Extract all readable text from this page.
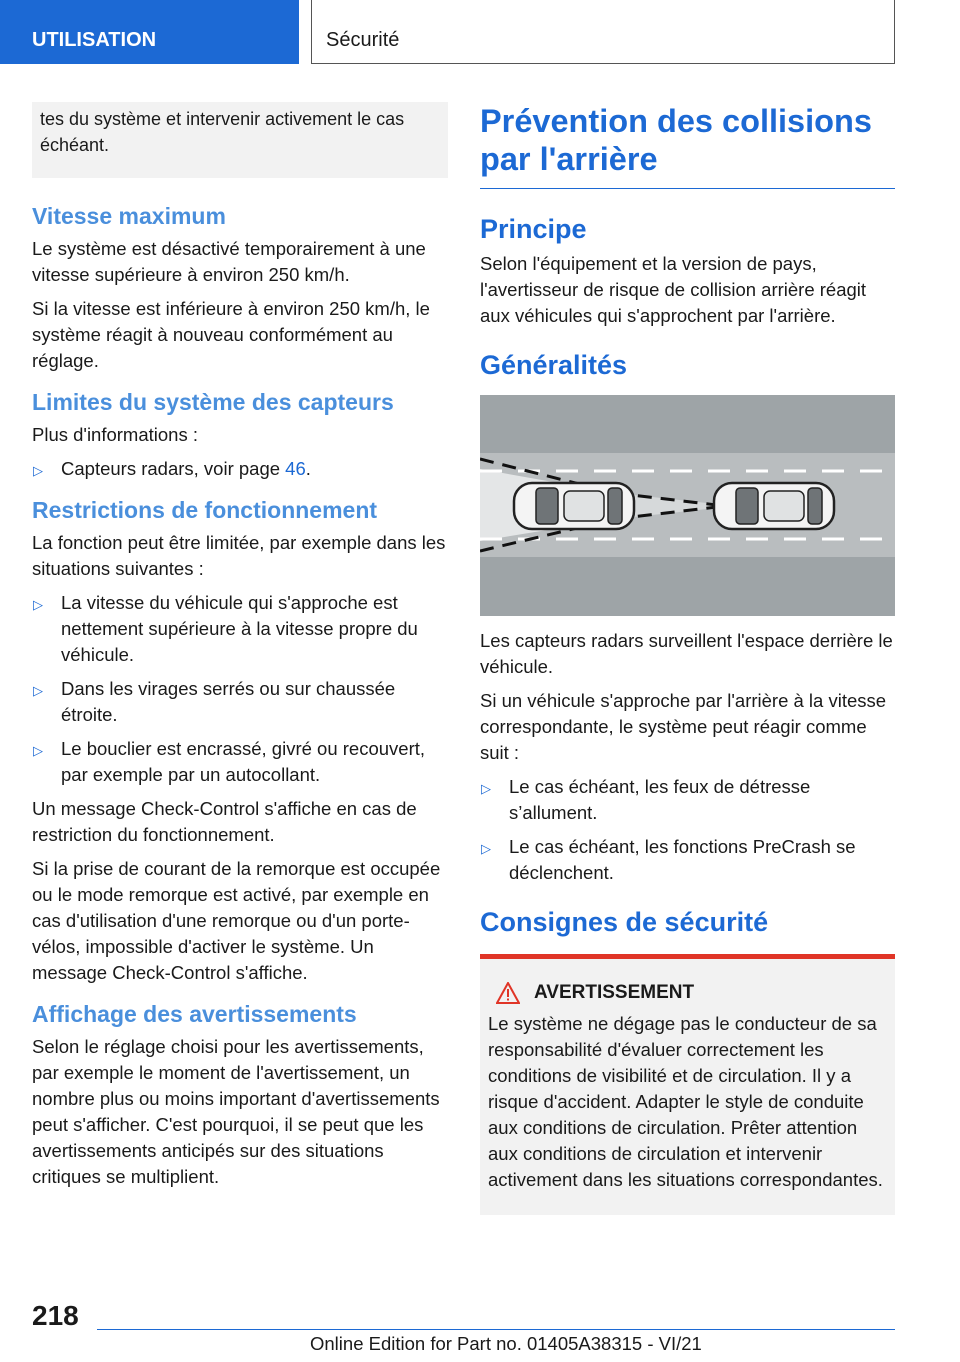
UTILISATION	Sécurité
tes du système et intervenir activement le cas échéant.
Vitesse maximum

Le système est désactivé temporairement à une vitesse supérieure à environ 250 km/h.

Si la vitesse est inférieure à environ 250 km/h, le système réagit à nouveau conformément au réglage.

Limites du système des capteurs

Plus d'informations :

▷ Capteurs radars, voir page 46.
Restrictions de fonctionnement

La fonction peut être limitée, par exemple dans les situations suivantes :

▷ La vitesse du véhicule qui s'approche est nettement supérieure à la vitesse propre du véhicule.
▷ Dans les virages serrés ou sur chaussée étroite.
▷ Le bouclier est encrassé, givré ou recouvert, par exemple par un autocollant.

Un message Check-Control s'affiche en cas de restriction du fonctionnement.

Si la prise de courant de la remorque est occupée ou le mode remorque est activé, par exemple en cas d'utilisation d'une remorque ou d'un porte-vélos, impossible d'activer le système. Un message Check-Control s'affiche.

Affichage des avertissements

Selon le réglage choisi pour les avertissements, par exemple le moment de l'avertissement, un nombre plus ou moins important d'avertissements peut s'afficher. C'est pourquoi, il se peut que les avertissements anticipés sur des situations critiques se multiplient.

Prévention des collisions par l'arrière
Principe

Selon l'équipement et la version de pays, l'avertisseur de risque de collision arrière réagit aux véhicules qui s'approchent par l'arrière.

Généralités

Les capteurs radars surveillent l'espace derrière le véhicule.

Si un véhicule s'approche par l'arrière à la vitesse correspondante, le système peut réagir comme suit :

▷ Le cas échéant, les feux de détresse s’allument.
▷ Le cas échéant, les fonctions PreCrash se déclenchent.
Consignes de sécurité
AVERTISSEMENT
Le système ne dégage pas le conducteur de sa responsabilité d'évaluer correctement les conditions de visibilité et de circulation. Il y a risque d'accident. Adapter le style de conduite aux conditions de circulation. Prêter attention aux conditions de circulation et intervenir activement dans les situations correspondantes.
218
Online Edition for Part no. 01405A38315 - VI/21
